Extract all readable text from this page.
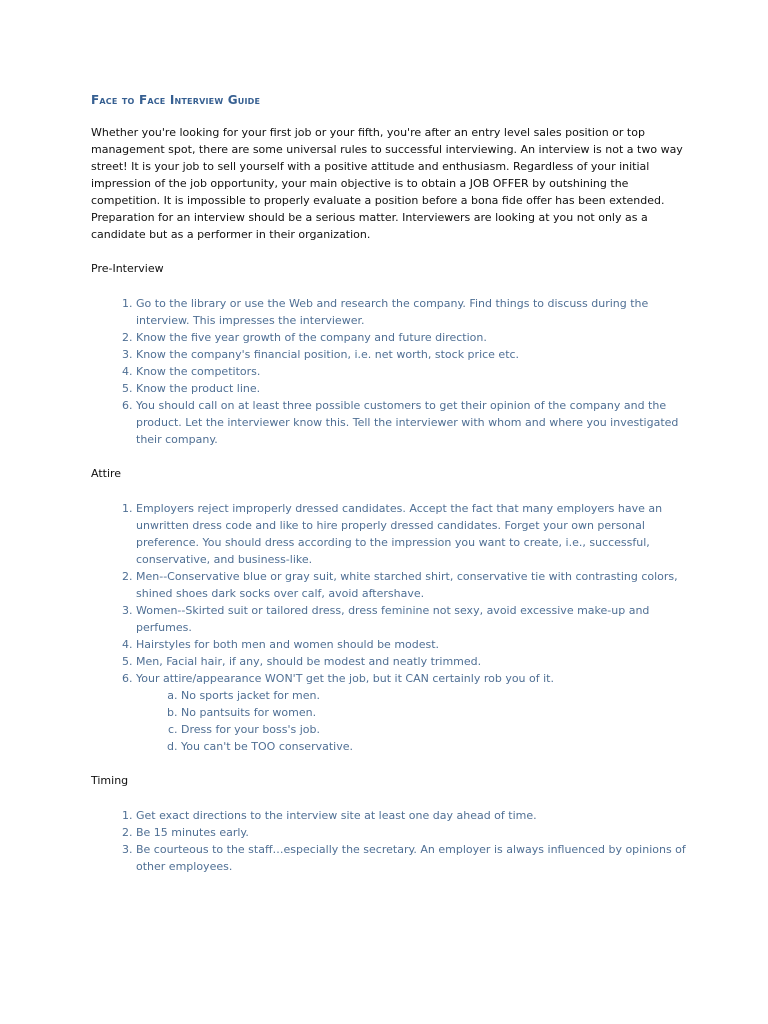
Face to Face Interview Guide

Whether you're looking for your first job or your fifth, you're after an entry level sales position or top management spot, there are some universal rules to successful interviewing. An interview is not a two way street! It is your job to sell yourself with a positive attitude and enthusiasm. Regardless of your initial impression of the job opportunity, your main objective is to obtain a JOB OFFER by outshining the competition. It is impossible to properly evaluate a position before a bona fide offer has been extended. Preparation for an interview should be a serious matter. Interviewers are looking at you not only as a candidate but as a performer in their organization.

Pre-Interview
1. Go to the library or use the Web and research the company. Find things to discuss during the interview. This impresses the interviewer.
2. Know the five year growth of the company and future direction.
3. Know the company's financial position, i.e. net worth, stock price etc.
4. Know the competitors.
5. Know the product line.
6. You should call on at least three possible customers to get their opinion of the company and the product. Let the interviewer know this. Tell the interviewer with whom and where you investigated their company.
Attire
1. Employers reject improperly dressed candidates. Accept the fact that many employers have an unwritten dress code and like to hire properly dressed candidates. Forget your own personal preference. You should dress according to the impression you want to create, i.e., successful, conservative, and business-like.
2. Men--Conservative blue or gray suit, white starched shirt, conservative tie with contrasting colors, shined shoes dark socks over calf, avoid aftershave.
3. Women--Skirted suit or tailored dress, dress feminine not sexy, avoid excessive make-up and perfumes.
4. Hairstyles for both men and women should be modest.
5. Men, Facial hair, if any, should be modest and neatly trimmed.
6. Your attire/appearance WON'T get the job, but it CAN certainly rob you of it.
a. No sports jacket for men.
b. No pantsuits for women.
c. Dress for your boss's job.
d. You can't be TOO conservative.
Timing
1. Get exact directions to the interview site at least one day ahead of time.
2. Be 15 minutes early.
3. Be courteous to the staff…especially the secretary. An employer is always influenced by opinions of other employees.
